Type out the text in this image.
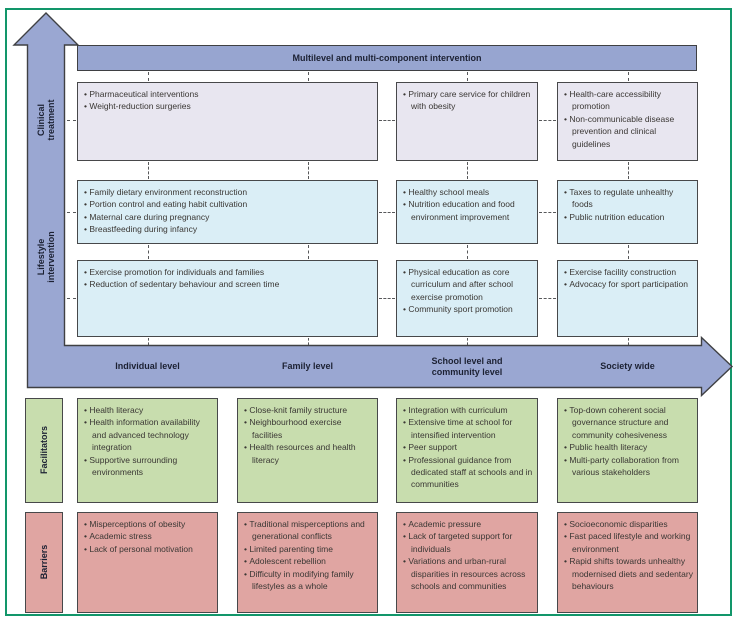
Multilevel and multi-component intervention
Clinical treatment
Lifestyle intervention
• Pharmaceutical interventions
• Weight-reduction surgeries
• Primary care service for children with obesity
• Health-care accessibility promotion
• Non-communicable disease prevention and clinical guidelines
• Family dietary environment reconstruction
• Portion control and eating habit cultivation
• Maternal care during pregnancy
• Breastfeeding during infancy
• Healthy school meals
• Nutrition education and food environment improvement
• Taxes to regulate unhealthy foods
• Public nutrition education
• Exercise promotion for individuals and families
• Reduction of sedentary behaviour and screen time
• Physical education as core curriculum and after school exercise promotion
• Community sport promotion
• Exercise facility construction
• Advocacy for sport participation
Individual level	Family level
School level and community level
Society wide
Facilitators
• Health literacy
• Health information availability and advanced technology integration
• Supportive surrounding environments
• Close-knit family structure
• Neighbourhood exercise facilities
• Health resources and health literacy
• Integration with curriculum
• Extensive time at school for intensified intervention
• Peer support
• Professional guidance from dedicated staff at schools and in communities
• Top-down coherent social governance structure and community cohesiveness
• Public health literacy
• Multi-party collaboration from various stakeholders
Barriers
• Misperceptions of obesity
• Academic stress
• Lack of personal motivation
• Traditional misperceptions and generational conflicts
• Limited parenting time
• Adolescent rebellion
• Difficulty in modifying family lifestyles as a whole
• Academic pressure
• Lack of targeted support for individuals
• Variations and urban-rural disparities in resources across schools and communities
• Socioeconomic disparities
• Fast paced lifestyle and working environment
• Rapid shifts towards unhealthy modernised diets and sedentary behaviours
